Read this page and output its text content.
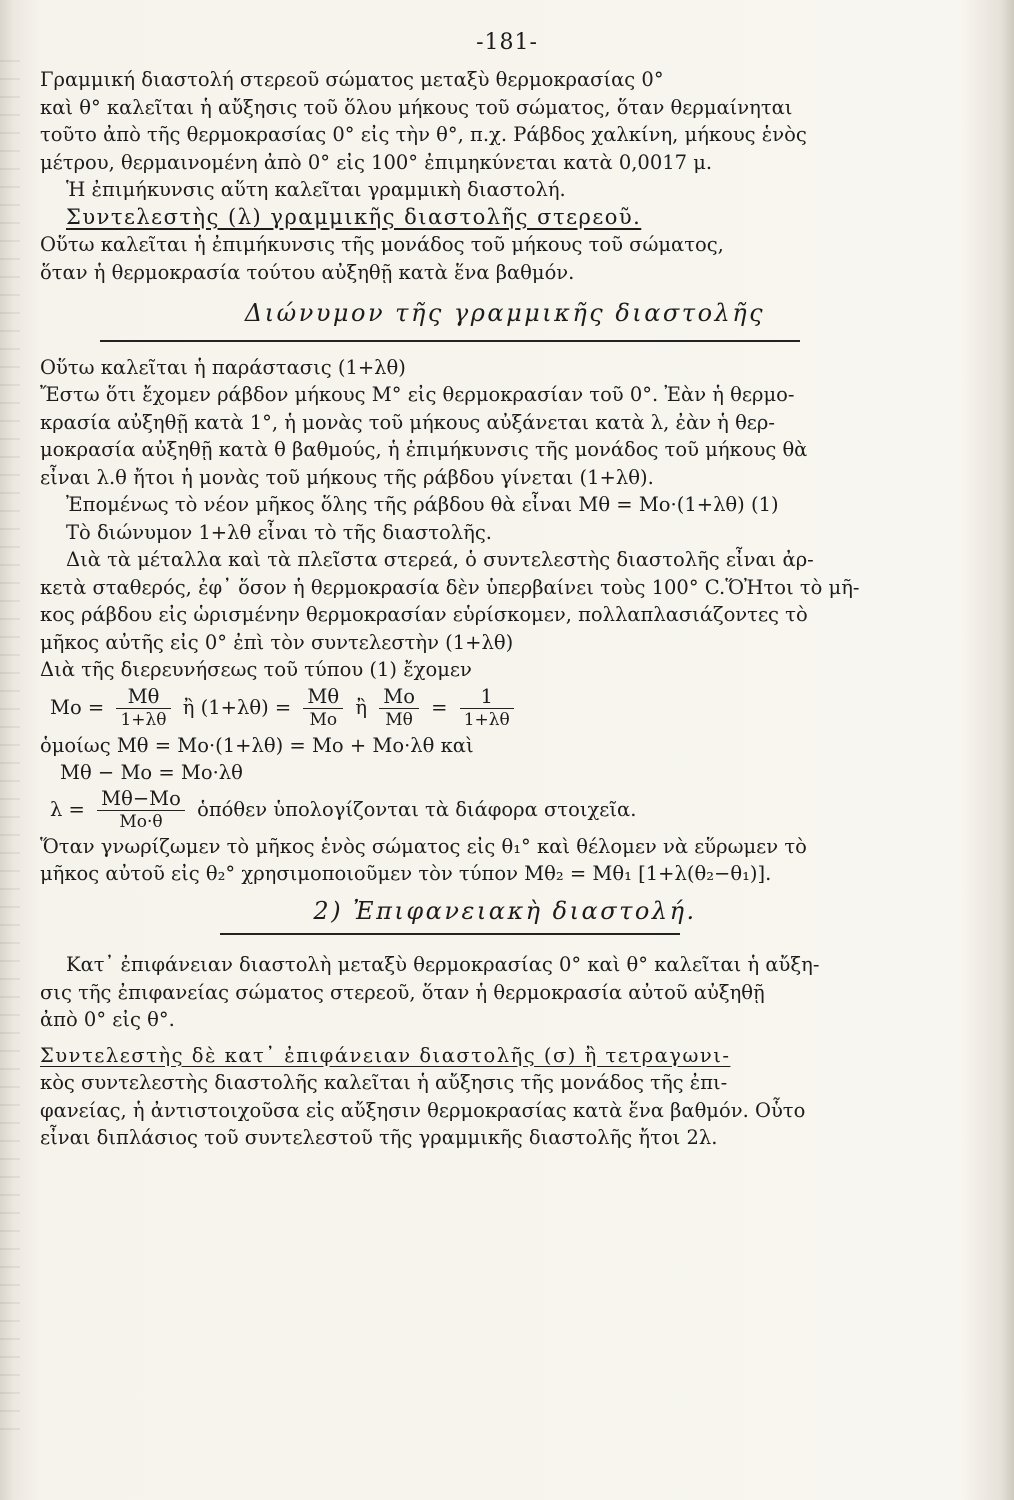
-181-
Γραμμική διαστολή στερεοῦ σώματος μεταξὺ θερμοκρασίας 0°
καὶ θ° καλεῖται ἡ αὔξησις τοῦ ὅλου μήκους τοῦ σώματος, ὅταν θερμαίνηται
τοῦτο ἀπὸ τῆς θερμοκρασίας 0° εἰς τὴν θ°, π.χ. Ράβδος χαλκίνη, μήκους ἑνὸς
μέτρου, θερμαινομένη ἀπὸ 0° εἰς 100° ἐπιμηκύνεται κατὰ 0,0017 μ.
Ἡ ἐπιμήκυνσις αὕτη καλεῖται γραμμικὴ διαστολή.
Συντελεστὴς (λ) γραμμικῆς διαστολῆς στερεοῦ.
Οὕτω καλεῖται ἡ ἐπιμήκυνσις τῆς μονάδος τοῦ μήκους τοῦ σώματος,
ὅταν ἡ θερμοκρασία τούτου αὐξηθῇ κατὰ ἕνα βαθμόν.
Διώνυμον τῆς γραμμικῆς διαστολῆς
Οὕτω καλεῖται ἡ παράστασις (1+λθ)
Ἔστω ὅτι ἔχομεν ράβδον μήκους M° εἰς θερμοκρασίαν τοῦ 0°. Ἐὰν ἡ θερμο-
κρασία αὐξηθῇ κατὰ 1°, ἡ μονὰς τοῦ μήκους αὐξάνεται κατὰ λ, ἐὰν ἡ θερ-
μοκρασία αὐξηθῇ κατὰ θ βαθμούς, ἡ ἐπιμήκυνσις τῆς μονάδος τοῦ μήκους θὰ
εἶναι λ.θ ἤτοι ἡ μονὰς τοῦ μήκους τῆς ράβδου γίνεται (1+λθ).
Ἐπομένως τὸ νέον μῆκος ὅλης τῆς ράβδου θὰ εἶναι Mθ = Mo·(1+λθ) (1)
Τὸ διώνυμον 1+λθ εἶναι τὸ τῆς διαστολῆς.
Διὰ τὰ μέταλλα καὶ τὰ πλεῖστα στερεά, ὁ συντελεστὴς διαστολῆς εἶναι ἀρ-
κετὰ σταθερός, ἐφ᾽ ὅσον ἡ θερμοκρασία δὲν ὑπερβαίνει τοὺς 100° C.ὍἨτοι τὸ μῆ-
κος ράβδου εἰς ὡρισμένην θερμοκρασίαν εὑρίσκομεν, πολλαπλασιάζοντες τὸ
μῆκος αὐτῆς εἰς 0° ἐπὶ τὸν συντελεστὴν (1+λθ)
Διὰ τῆς διερευνήσεως τοῦ τύπου (1) ἔχομεν
$Mo = \frac{M\theta}{1+\lambda\theta}$ ἢ $(1+\lambda\theta) = \frac{M\theta}{Mo}$ ἢ $\frac{Mo}{M\theta} = \frac{1}{1+\lambda\theta}$
ὁμοίως Mθ = Mo·(1+λθ) = Mo + Mo·λθ καὶ
Mθ − Mo = Mo·λθ
$\lambda = \frac{M\theta-Mo}{Mo\cdot\theta}$ ὁπόθεν ὑπολογίζονται τὰ διάφορα στοιχεῖα.
Ὅταν γνωρίζωμεν τὸ μῆκος ἑνὸς σώματος εἰς θ₁° καὶ θέλομεν νὰ εὕρωμεν τὸ
μῆκος αὐτοῦ εἰς θ₂° χρησιμοποιοῦμεν τὸν τύπον Mθ₂ = Mθ₁ [1+λ(θ₂−θ₁)].
2) Ἐπιφανειακὴ διαστολή.
Κατ᾽ ἐπιφάνειαν διαστολὴ μεταξὺ θερμοκρασίας 0° καὶ θ° καλεῖται ἡ αὔξη-
σις τῆς ἐπιφανείας σώματος στερεοῦ, ὅταν ἡ θερμοκρασία αὐτοῦ αὐξηθῇ
ἀπὸ 0° εἰς θ°.
Συντελεστὴς δὲ κατ᾽ ἐπιφάνειαν διαστολῆς (σ) ἢ τετραγωνι-
κὸς συντελεστὴς διαστολῆς καλεῖται ἡ αὔξησις τῆς μονάδος τῆς ἐπι-
φανείας, ἡ ἀντιστοιχοῦσα εἰς αὔξησιν θερμοκρασίας κατὰ ἕνα βαθμόν. Οὗτο
εἶναι διπλάσιος τοῦ συντελεστοῦ τῆς γραμμικῆς διαστολῆς ἤτοι 2λ.
